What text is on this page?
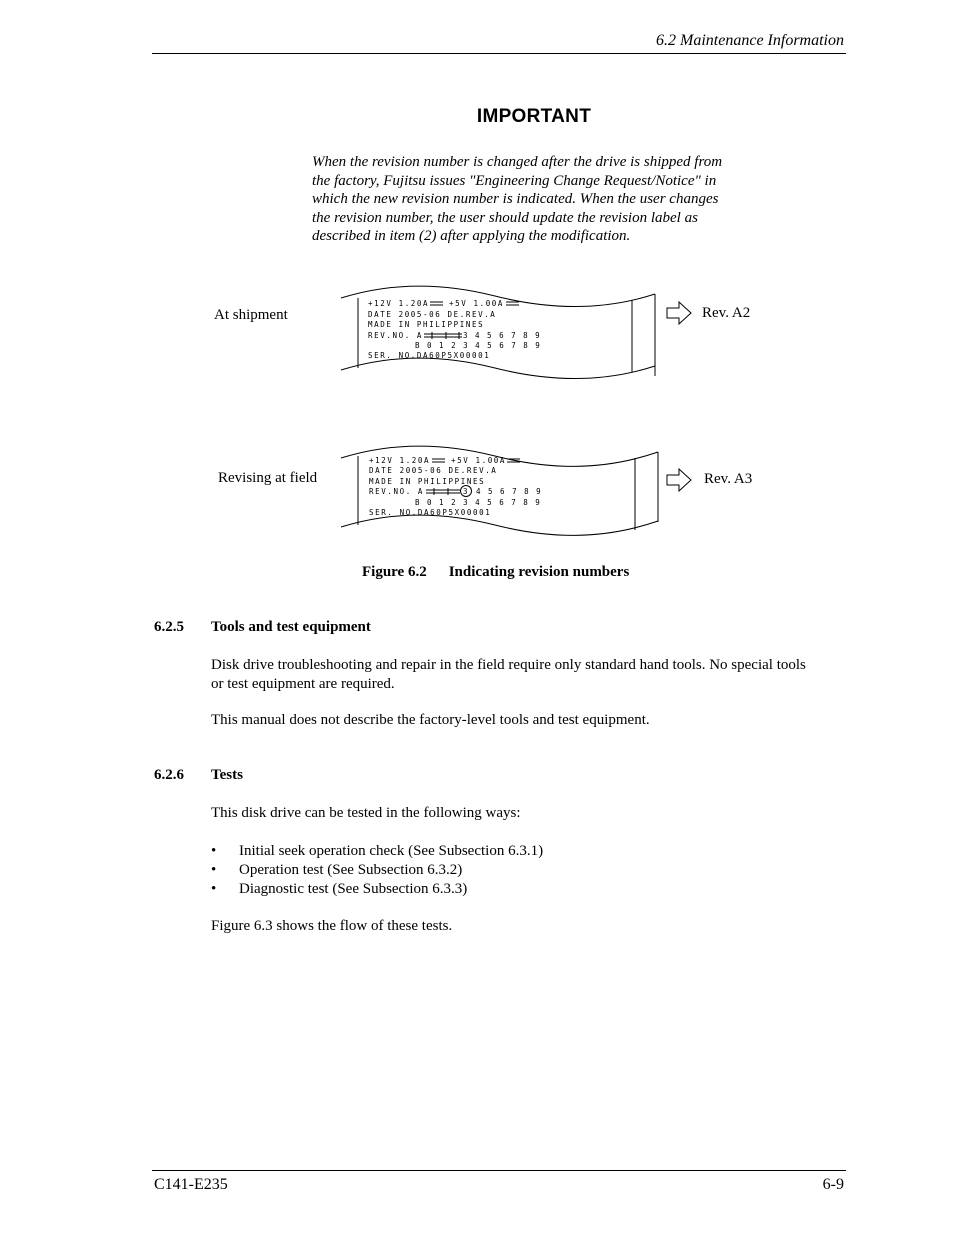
6.2 Maintenance Information
IMPORTANT
When the revision number is changed after the drive is shipped from
the factory, Fujitsu issues "Engineering Change Request/Notice" in
which the new revision number is indicated. When the user changes
the revision number, the user should update the revision label as
described in item (2) after applying the modification.
At shipment	Rev. A2
Revising at field	Rev. A3
+12V 1.20A	+5V 1.00A
DATE 2005-06 DE.REV.A
MADE IN PHILIPPINES
REV.NO. A	3 4 5 6 7 8 9
B 0 1 2 3 4 5 6 7 8 9
SER. NO.DA60P5X00001
+12V 1.20A	+5V 1.00A
DATE 2005-06 DE.REV.A
MADE IN PHILIPPINES
REV.NO. A	3 4 5 6 7 8 9
B 0 1 2 3 4 5 6 7 8 9
SER. NO.DA60P5X00001
Figure 6.2 Indicating revision numbers
6.2.5 Tools and test equipment
Disk drive troubleshooting and repair in the field require only standard hand tools. No special tools
or test equipment are required.
This manual does not describe the factory-level tools and test equipment.
6.2.6 Tests
This disk drive can be tested in the following ways:
• Initial seek operation check (See Subsection 6.3.1)
• Operation test (See Subsection 6.3.2)
• Diagnostic test (See Subsection 6.3.3)
Figure 6.3 shows the flow of these tests.
C141-E235	6-9
